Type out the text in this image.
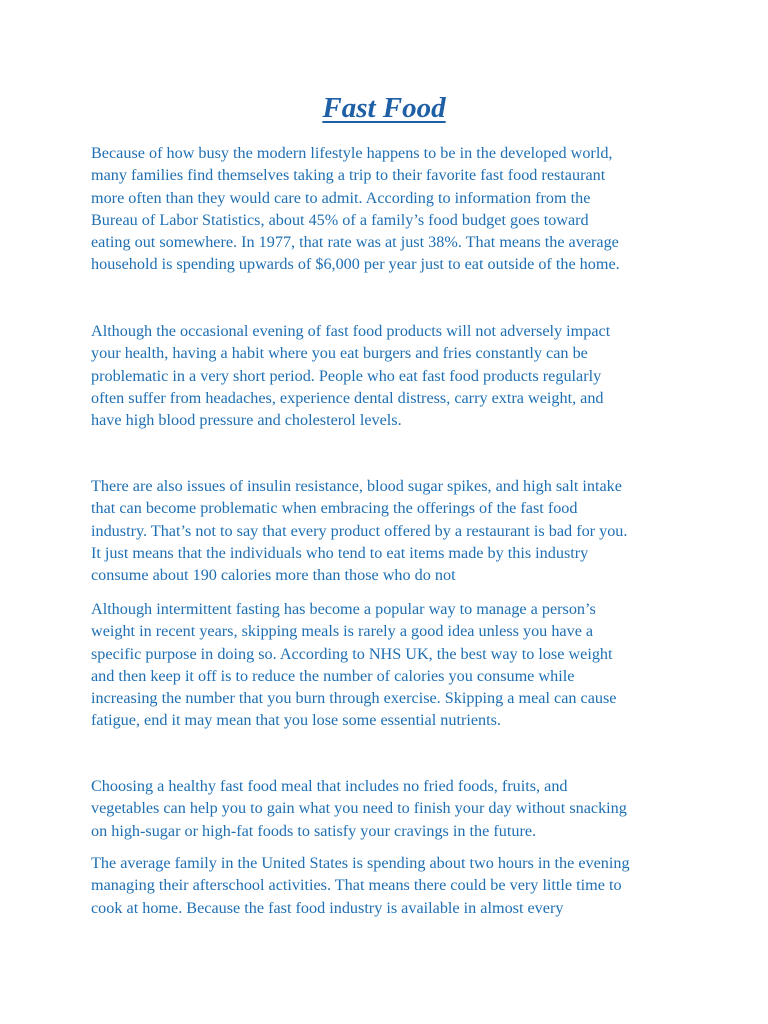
Fast Food

Because of how busy the modern lifestyle happens to be in the developed world,
many families find themselves taking a trip to their favorite fast food restaurant
more often than they would care to admit. According to information from the
Bureau of Labor Statistics, about 45% of a family’s food budget goes toward
eating out somewhere. In 1977, that rate was at just 38%. That means the average
household is spending upwards of $6,000 per year just to eat outside of the home.

Although the occasional evening of fast food products will not adversely impact
your health, having a habit where you eat burgers and fries constantly can be
problematic in a very short period. People who eat fast food products regularly
often suffer from headaches, experience dental distress, carry extra weight, and
have high blood pressure and cholesterol levels.

There are also issues of insulin resistance, blood sugar spikes, and high salt intake
that can become problematic when embracing the offerings of the fast food
industry. That’s not to say that every product offered by a restaurant is bad for you.
It just means that the individuals who tend to eat items made by this industry
consume about 190 calories more than those who do not

Although intermittent fasting has become a popular way to manage a person’s
weight in recent years, skipping meals is rarely a good idea unless you have a
specific purpose in doing so. According to NHS UK, the best way to lose weight
and then keep it off is to reduce the number of calories you consume while
increasing the number that you burn through exercise. Skipping a meal can cause
fatigue, end it may mean that you lose some essential nutrients.

Choosing a healthy fast food meal that includes no fried foods, fruits, and
vegetables can help you to gain what you need to finish your day without snacking
on high-sugar or high-fat foods to satisfy your cravings in the future.

The average family in the United States is spending about two hours in the evening
managing their afterschool activities. That means there could be very little time to
cook at home. Because the fast food industry is available in almost every
